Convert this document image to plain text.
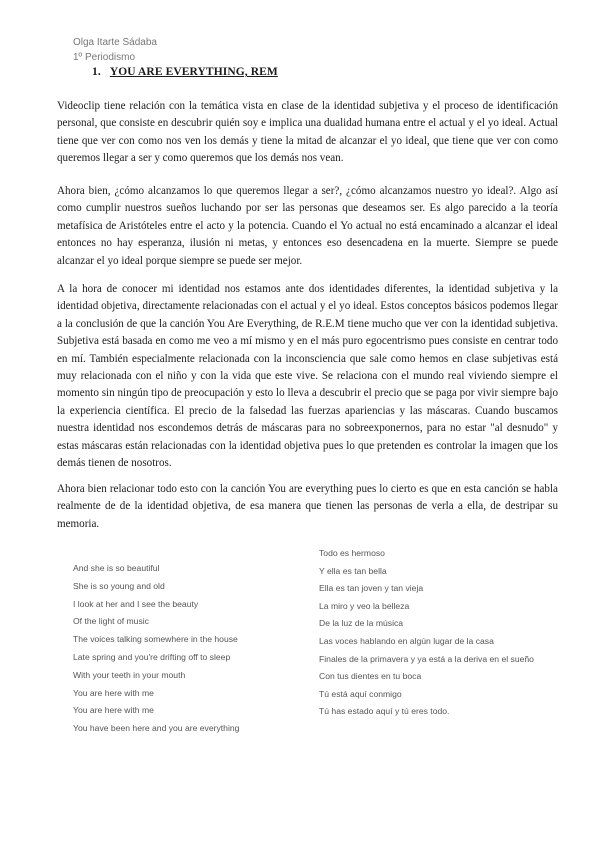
Olga Itarte Sádaba
1º Periodismo
1. YOU ARE EVERYTHING, REM

Videoclip tiene relación con la temática vista en clase de la identidad subjetiva y el proceso de identificación personal, que consiste en descubrir quién soy e implica una dualidad humana entre el actual y el yo ideal. Actual tiene que ver con como nos ven los demás y tiene la mitad de alcanzar el yo ideal, que tiene que ver con como queremos llegar a ser y como queremos que los demás nos vean.

Ahora bien, ¿cómo alcanzamos lo que queremos llegar a ser?, ¿cómo alcanzamos nuestro yo ideal?. Algo así como cumplir nuestros sueños luchando por ser las personas que deseamos ser. Es algo parecido a la teoría metafísica de Aristóteles entre el acto y la potencia. Cuando el Yo actual no está encaminado a alcanzar el ideal entonces no hay esperanza, ilusión ni metas, y entonces eso desencadena en la muerte. Siempre se puede alcanzar el yo ideal porque siempre se puede ser mejor.

A la hora de conocer mi identidad nos estamos ante dos identidades diferentes, la identidad subjetiva y la identidad objetiva, directamente relacionadas con el actual y el yo ideal. Estos conceptos básicos podemos llegar a la conclusión de que la canción You Are Everything, de R.E.M tiene mucho que ver con la identidad subjetiva. Subjetiva está basada en como me veo a mí mismo y en el más puro egocentrismo pues consiste en centrar todo en mí. También especialmente relacionada con la inconsciencia que sale como hemos en clase subjetivas está muy relacionada con el niño y con la vida que este vive. Se relaciona con el mundo real viviendo siempre el momento sin ningún tipo de preocupación y esto lo lleva a descubrir el precio que se paga por vivir siempre bajo la experiencia científica. El precio de la falsedad las fuerzas apariencias y las máscaras. Cuando buscamos nuestra identidad nos escondemos detrás de máscaras para no sobreexponernos, para no estar "al desnudo" y estas máscaras están relacionadas con la identidad objetiva pues lo que pretenden es controlar la imagen que los demás tienen de nosotros.

Ahora bien relacionar todo esto con la canción You are everything pues lo cierto es que en esta canción se habla realmente de de la identidad objetiva, de esa manera que tienen las personas de verla a ella, de destripar su memoria.

And she is so beautiful
She is so young and old
I look at her and I see the beauty
Of the light of music
The voices talking somewhere in the house
Late spring and you're drifting off to sleep
With your teeth in your mouth
You are here with me
You are here with me
You have been here and you are everything
Todo es hermoso
Y ella es tan bella
Ella es tan joven y tan vieja
La miro y veo la belleza
De la luz de la música
Las voces hablando en algún lugar de la casa
Finales de la primavera y ya está a la deriva en el sueño
Con tus dientes en tu boca
Tú está aquí conmigo
Tú has estado aquí y tú eres todo.
